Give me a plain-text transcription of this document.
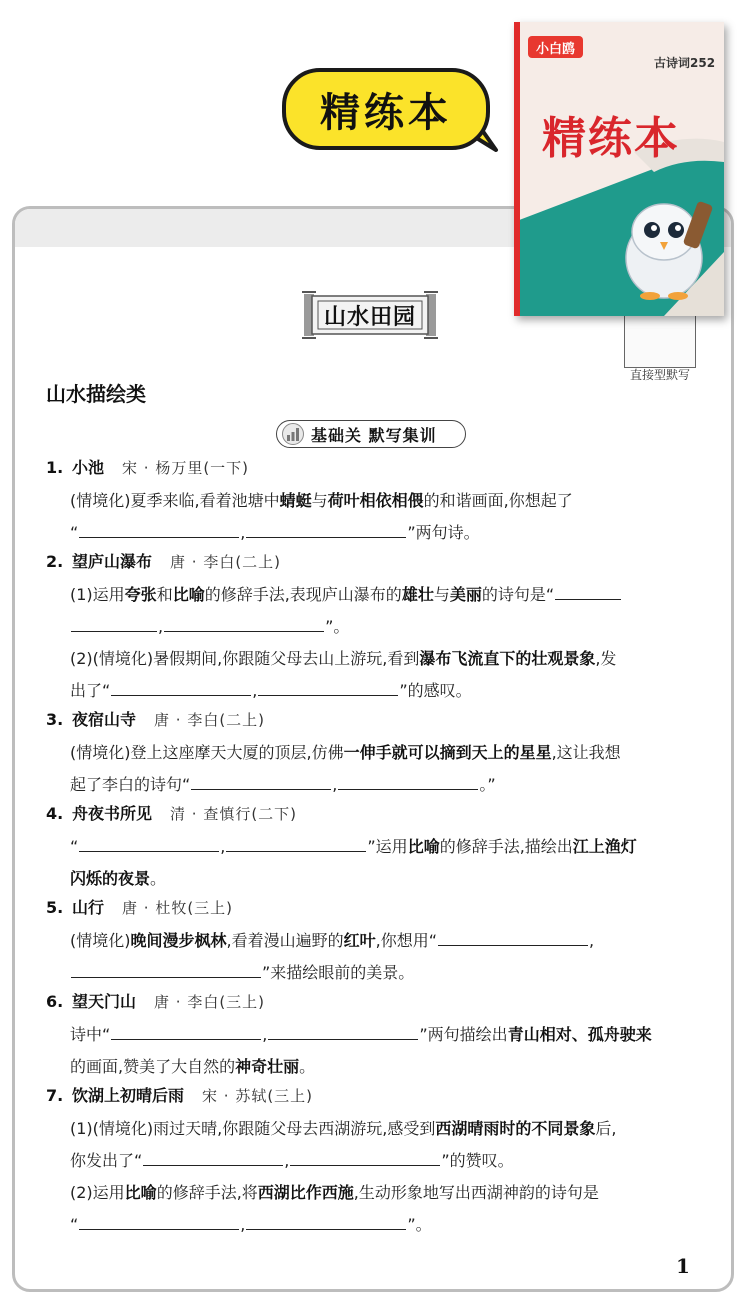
精练本
小白鸥
古诗词252
精练本
直接型默写
山水田园
山水描绘类
基础关 默写集训
1. 小池 宋 · 杨万里(一下)
(情境化)夏季来临,看着池塘中蜻蜓与荷叶相依相偎的和谐画面,你想起了
“	,	”两句诗。
2. 望庐山瀑布 唐 · 李白(二上)
(1)运用夸张和比喻的修辞手法,表现庐山瀑布的雄壮与美丽的诗句是“
,	”。
(2)(情境化)暑假期间,你跟随父母去山上游玩,看到瀑布飞流直下的壮观景象,发
出了“	,	”的感叹。
3. 夜宿山寺 唐 · 李白(二上)
(情境化)登上这座摩天大厦的顶层,仿佛一伸手就可以摘到天上的星星,这让我想
起了李白的诗句“	,	。”
4. 舟夜书所见 清 · 查慎行(二下)
“	,	”运用比喻的修辞手法,描绘出江上渔灯
闪烁的夜景。
5. 山行 唐 · 杜牧(三上)
(情境化)晚间漫步枫林,看着漫山遍野的红叶,你想用“	,
”来描绘眼前的美景。
6. 望天门山 唐 · 李白(三上)
诗中“	,	”两句描绘出青山相对、孤舟驶来
的画面,赞美了大自然的神奇壮丽。
7. 饮湖上初晴后雨 宋 · 苏轼(三上)
(1)(情境化)雨过天晴,你跟随父母去西湖游玩,感受到西湖晴雨时的不同景象后,
你发出了“	,	”的赞叹。
(2)运用比喻的修辞手法,将西湖比作西施,生动形象地写出西湖神韵的诗句是
“	,	”。
1
